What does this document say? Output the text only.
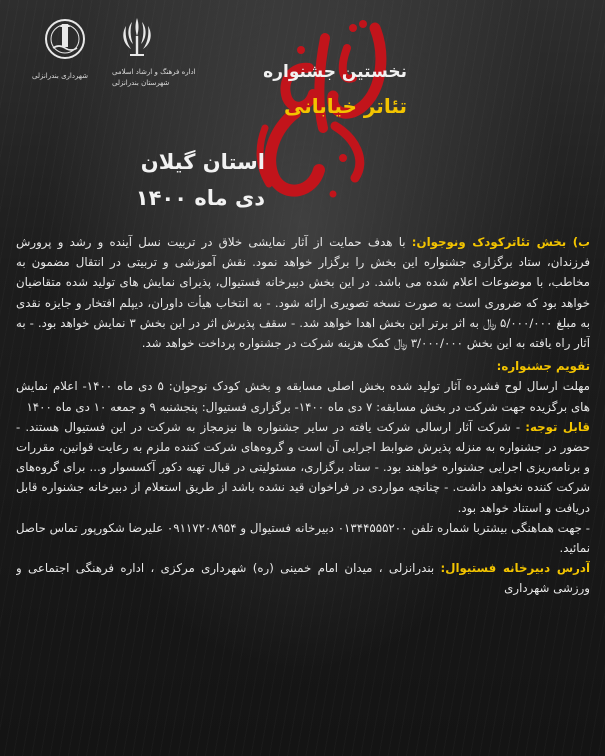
اداره فرهنگ و ارشاد اسلامی
شهرستان بندرانزلی
شهرداری بندرانزلی	نخستین جشنواره
تئاتر خیابانی
استان گیلان
دی ماه ۱۴۰۰

ب) بخش تئاترکودک ونوجوان: با هدف حمایت از آثار نمایشی خلاق در تربیت نسل آینده و رشد و پرورش فرزندان، ستاد برگزاری جشنواره این بخش را برگزار خواهد نمود. نقش آموزشی و تربیتی در انتقال مضمون به مخاطب، با موضوعات اعلام شده می باشد. در این بخش دبیرخانه فستیوال، پذیرای نمایش های تولید شده متقاضیان خواهد بود که ضروری است به صورت نسخه تصویری ارائه شود. - به انتخاب هیأت داوران، دیپلم افتخار و جایزه نقدی به مبلغ ۵/۰۰۰/۰۰۰ ﷼ به اثر برتر این بخش اهدا خواهد شد. - سقف پذیرش اثر در این بخش ۳ نمایش خواهد بود. - به آثار راه یافته به این بخش ۳/۰۰۰/۰۰۰ ﷼ کمک هزینه شرکت در جشنواره پرداخت خواهد شد.

تقویم جشنواره:

مهلت ارسال لوح فشرده آثار تولید شده بخش اصلی مسابقه و بخش کودک نوجوان: ۵ دی ماه ۱۴۰۰- اعلام نمایش های برگزیده جهت شرکت در بخش مسابقه: ۷ دی ماه ۱۴۰۰- برگزاری فستیوال: پنجشنبه ۹ و جمعه ۱۰ دی ماه ۱۴۰۰

قابل توجه: - شرکت آثار ارسالی شرکت یافته در سایر جشنواره ها نیزمجاز به شرکت در این فستیوال هستند. - حضور در جشنواره به منزله پذیرش ضوابط اجرایی آن است و گروه‌های شرکت کننده ملزم به رعایت قوانین، مقررات و برنامه‌ریزی اجرایی جشنواره خواهند بود. - ستاد برگزاری، مسئولیتی در قبال تهیه دکور آکسسوار و... برای گروه‌های شرکت کننده نخواهد داشت. - چنانچه مواردی در فراخوان قید نشده باشد از طریق استعلام از دبیرخانه جشنواره قابل دریافت و استناد خواهد بود.

- جهت هماهنگی بیشتربا شماره تلفن ۰۱۳۴۴۵۵۵۲۰۰ دبیرخانه فستیوال و ۰۹۱۱۷۲۰۸۹۵۴ علیرضا شکورپور تماس حاصل نمائید.

آدرس دبیرخانه فستیوال: بندرانزلی ، میدان امام خمینی (ره) شهرداری مرکزی ، اداره فرهنگی اجتماعی و ورزشی شهرداری
